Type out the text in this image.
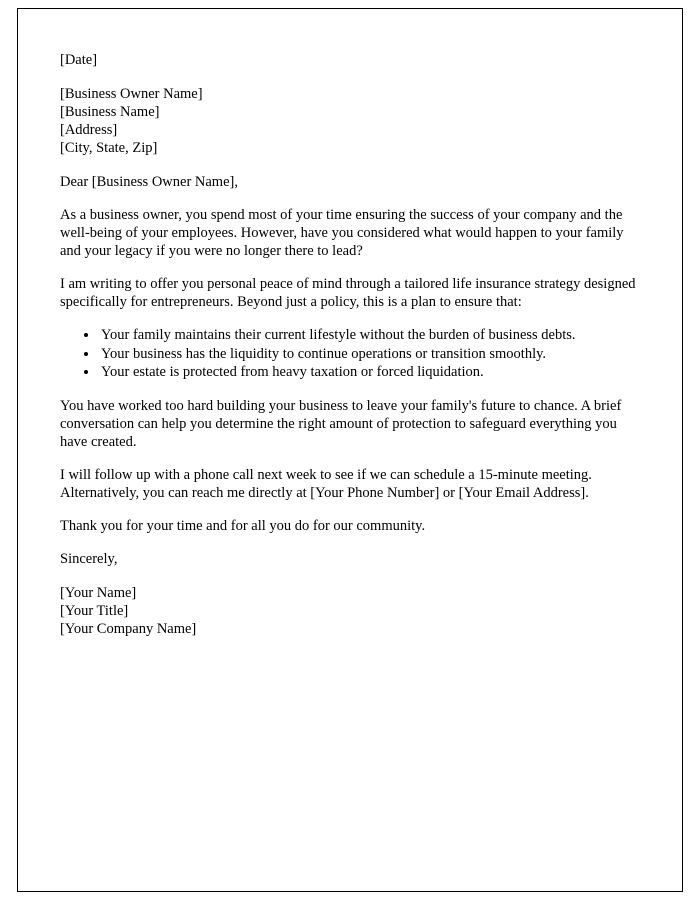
[Date]

[Business Owner Name]
[Business Name]
[Address]
[City, State, Zip]

Dear [Business Owner Name],

As a business owner, you spend most of your time ensuring the success of your company and the well-being of your employees. However, have you considered what would happen to your family and your legacy if you were no longer there to lead?

I am writing to offer you personal peace of mind through a tailored life insurance strategy designed specifically for entrepreneurs. Beyond just a policy, this is a plan to ensure that:

• Your family maintains their current lifestyle without the burden of business debts.
• Your business has the liquidity to continue operations or transition smoothly.
• Your estate is protected from heavy taxation or forced liquidation.

You have worked too hard building your business to leave your family's future to chance. A brief conversation can help you determine the right amount of protection to safeguard everything you have created.

I will follow up with a phone call next week to see if we can schedule a 15-minute meeting. Alternatively, you can reach me directly at [Your Phone Number] or [Your Email Address].

Thank you for your time and for all you do for our community.

Sincerely,

[Your Name]
[Your Title]
[Your Company Name]
